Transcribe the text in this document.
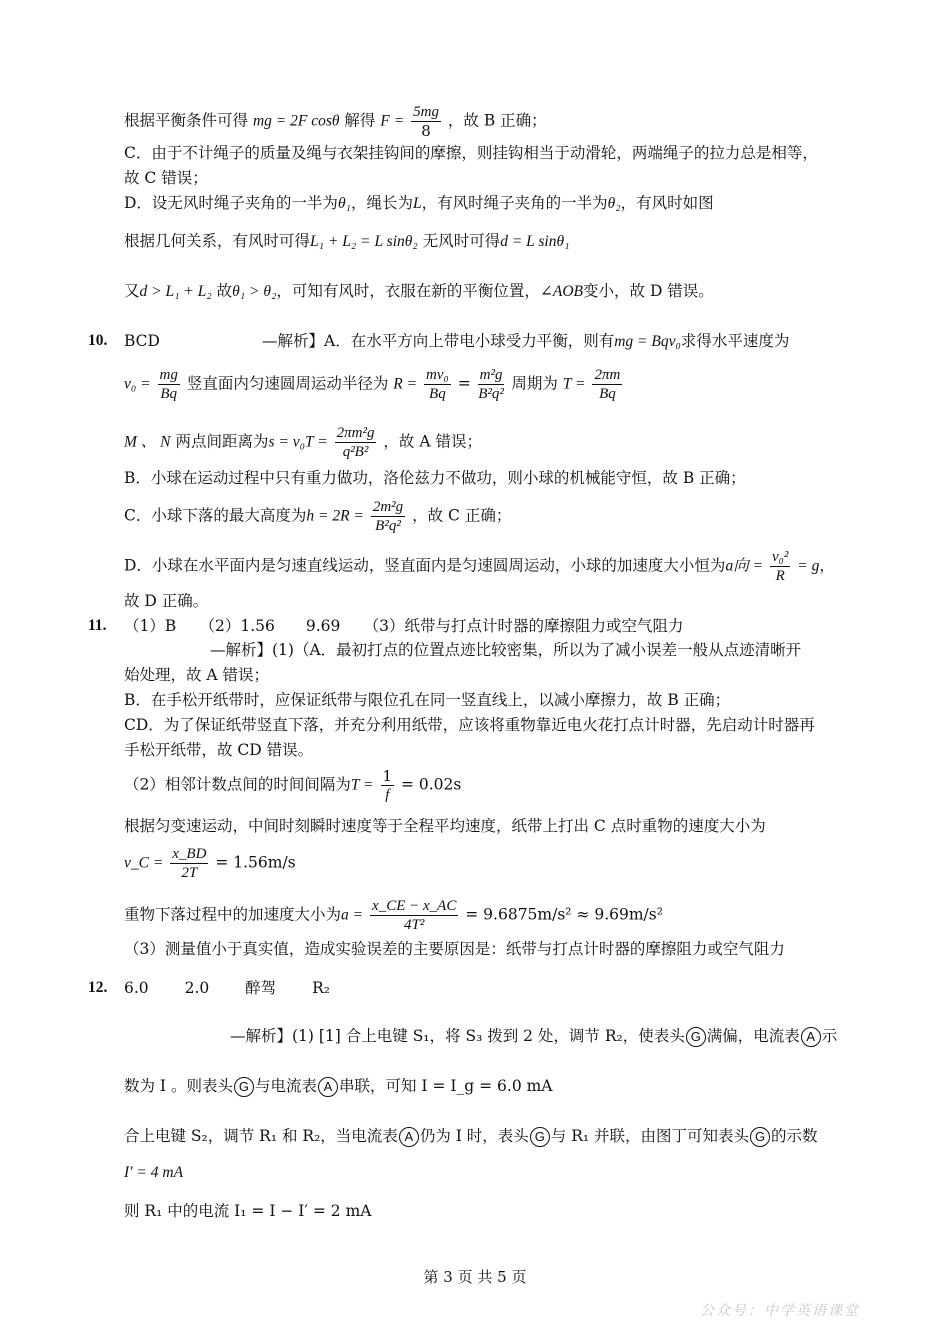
根据平衡条件可得 mg = 2F cosθ 解得 $F = \frac{5mg}{8}$ ，故 B 正确；
C．由于不计绳子的质量及绳与衣架挂钩间的摩擦，则挂钩相当于动滑轮，两端绳子的拉力总是相等，
故 C 错误；
D．设无风时绳子夹角的一半为θ₁，绳长为L，有风时绳子夹角的一半为θ₂，有风时如图
根据几何关系，有风时可得L₁ + L₂ = L sinθ₂ 无风时可得d = L sinθ₁
又d > L₁ + L₂ 故θ₁ > θ₂，可知有风时，衣服在新的平衡位置，∠AOB变小，故 D 错误。
10. BCD	—解析】A．在水平方向上带电小球受力平衡，则有mg = Bqv₀求得水平速度为
$v_0 = \frac{mg}{Bq}$ 竖直面内匀速圆周运动半径为 $R = \frac{\text{mv₀}}{Bq} = \frac{\text{m²g}}{\text{B²q²}}$ 周期为 $T = \frac{2\pi m}{Bq}$
M 、 N 两点间距离为$s = v_0T = \frac{\text{2πm²g}}{\text{q²B²}}$ ，故 A 错误；
B．小球在运动过程中只有重力做功，洛伦兹力不做功，则小球的机械能守恒，故 B 正确；
C．小球下落的最大高度为$h = 2R = \frac{\text{2m²g}}{\text{B²q²}}$ ，故 C 正确；
D．小球在水平面内是匀速直线运动，竖直面内是匀速圆周运动，小球的加速度大小恒为a向 = $\frac{\text{v₀²}}{R} = g$，
故 D 正确。
11. （1）B　　（2）1.56　　9.69　　（3）纸带与打点计时器的摩擦阻力或空气阻力
—解析】(1)（A．最初打点的位置点迹比较密集，所以为了减小误差一般从点迹清晰开
始处理，故 A 错误；
B．在手松开纸带时，应保证纸带与限位孔在同一竖直线上，以减小摩擦力，故 B 正确；
CD．为了保证纸带竖直下落，并充分利用纸带，应该将重物靠近电火花打点计时器，先启动计时器再
手松开纸带，故 CD 错误。
（2）相邻计数点间的时间间隔为$T = \frac{1}{f} = 0.02s$
根据匀变速运动，中间时刻瞬时速度等于全程平均速度，纸带上打出 C 点时重物的速度大小为
v_C = $\frac{x\_BD}{2T} = 1.56m/s$
重物下落过程中的加速度大小为$a = \frac{x\_CE - x\_AC}{\text{4T²}} = 9.6875m/s^2 \approx 9.69m/s^2$
（3）测量值小于真实值，造成实验误差的主要原因是：纸带与打点计时器的摩擦阻力或空气阻力
12. 6.0　　 2.0　　 醉驾　　 R₂
—解析】(1) [1] 合上电键 S₁，将 S₃ 拨到 2 处，调节 R₂，使表头 G 满偏，电流表 A 示
数为 I 。则表头 G 与电流表 A 串联，可知 I = I_g = 6.0 mA
合上电键 S₂，调节 R₁ 和 R₂，当电流表 A 仍为 I 时，表头 G 与 R₁ 并联，由图丁可知表头 G 的示数
I′ = 4 mA
则 R₁ 中的电流 I₁ = I − I′ = 2 mA
第 3 页 共 5 页
公众号：中学英语课堂
